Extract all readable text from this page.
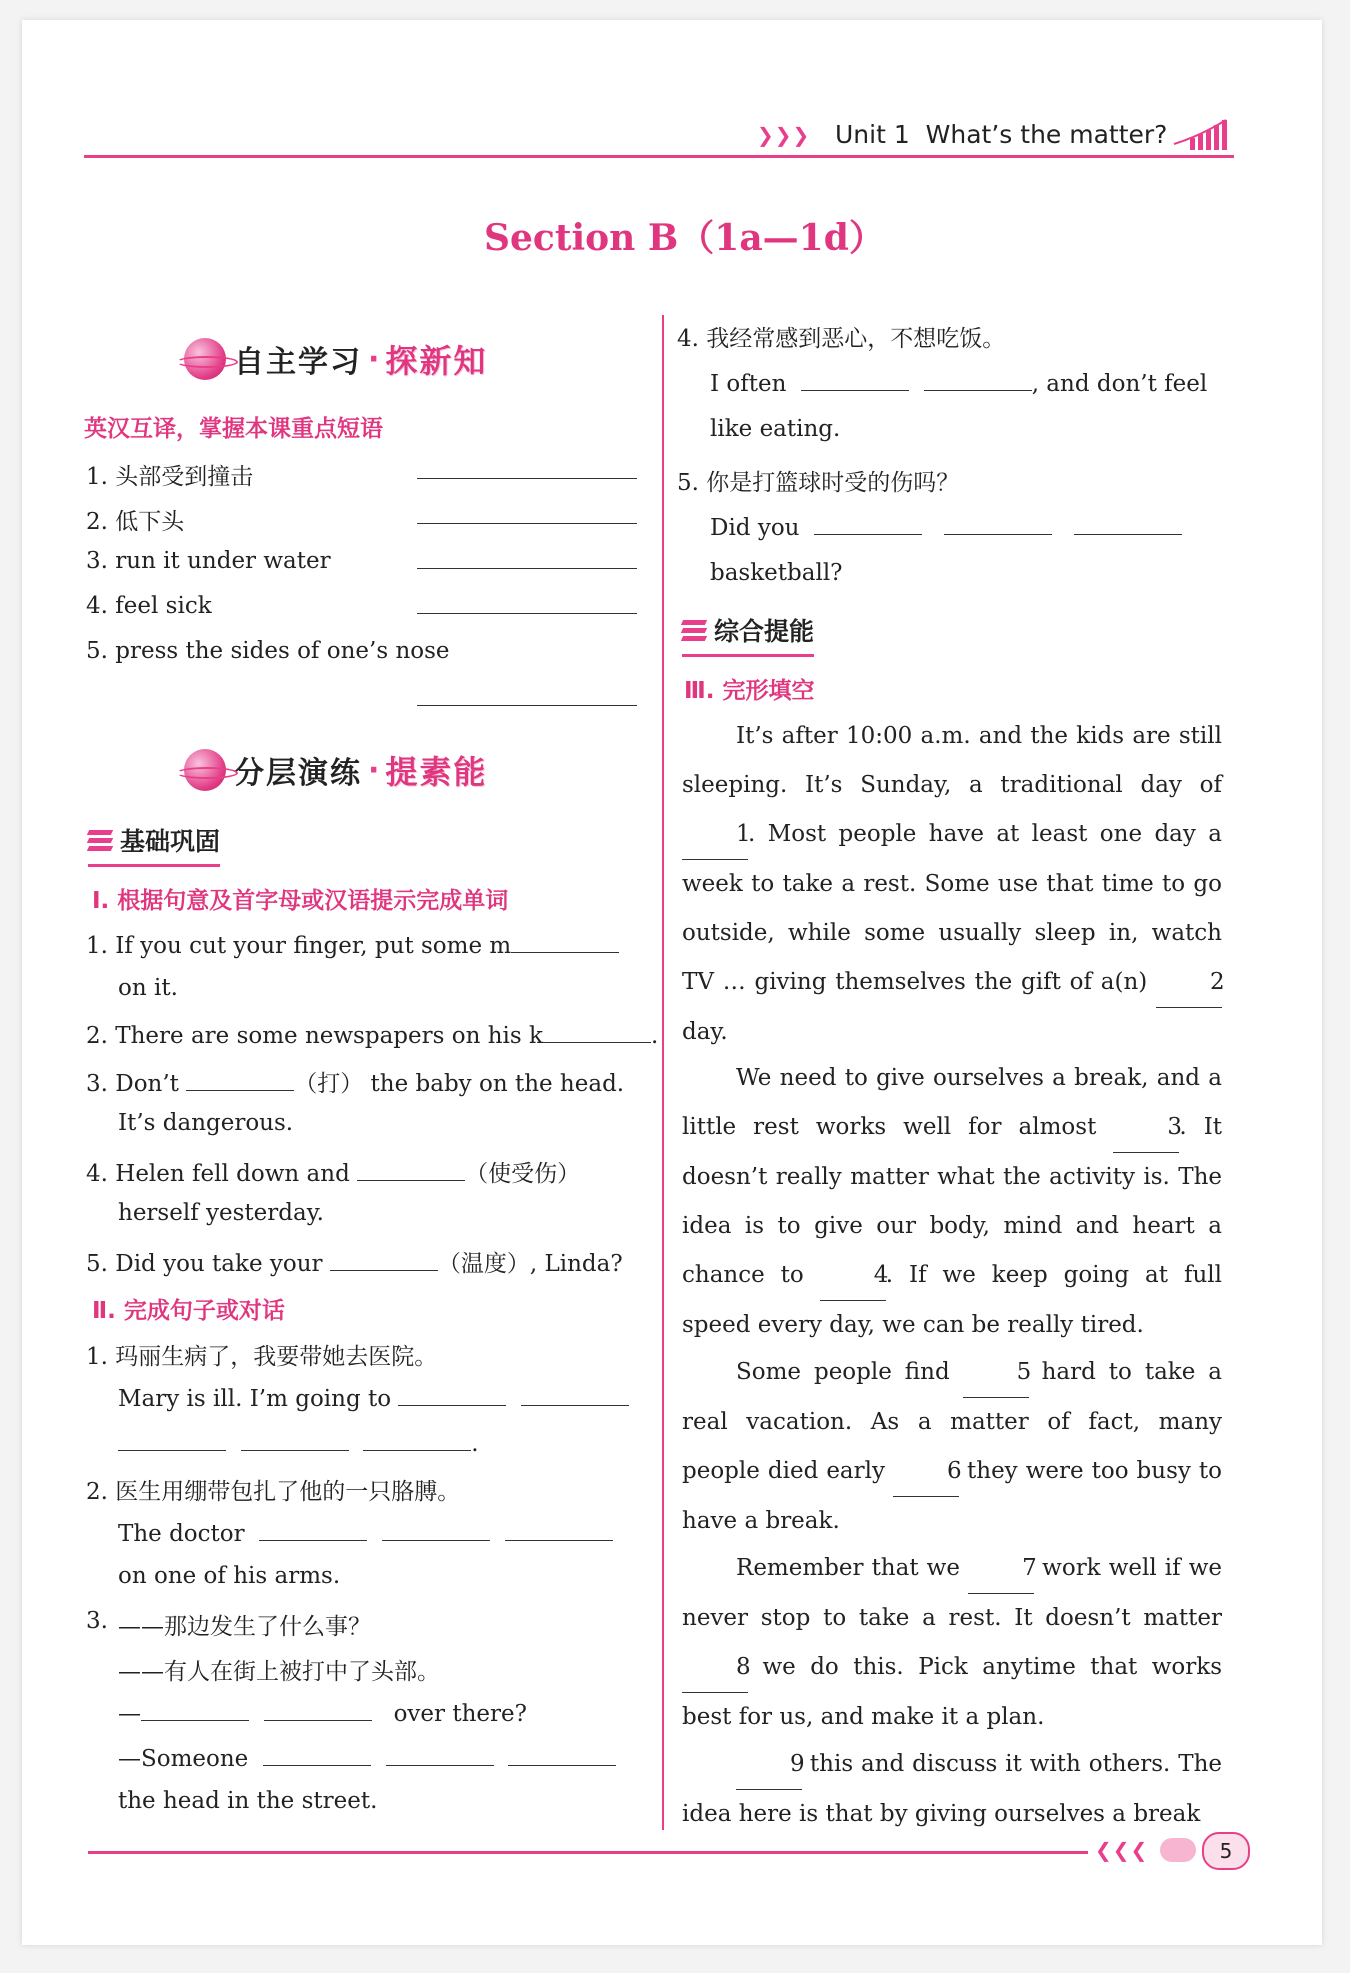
❯❯❯ Unit 1 What’s the matter?
Section B（1a—1d）
自主学习 · 探新知
英汉互译，掌握本课重点短语
1. 头部受到撞击
2. 低下头
3. run it under water
4. feel sick
5. press the sides of one’s nose
分层演练 · 提素能
基础巩固
Ⅰ. 根据句意及首字母或汉语提示完成单词
1. If you cut your finger, put some m
on it.
2. There are some newspapers on his k	.
3. Don’t	（打） the baby on the head.
It’s dangerous.
4. Helen fell down and	（使受伤）
herself yesterday.
5. Did you take your	（温度）, Linda?
Ⅱ. 完成句子或对话
1. 玛丽生病了，我要带她去医院。
Mary is ill. I’m going to
.
2. 医生用绷带包扎了他的一只胳膊。
The doctor
on one of his arms.
3. ——那边发生了什么事？
——有人在街上被打中了头部。
—	over there?
—Someone
the head in the street.
4. 我经常感到恶心，不想吃饭。
I often	, and don’t feel
like eating.
5. 你是打篮球时受的伤吗？
Did you
basketball?
综合提能
Ⅲ. 完形填空
It’s after 10:00 a.m. and the kids are still sleeping. It’s Sunday, a traditional day of 1. Most people have at least one day a week to take a rest. Some use that time to go outside, while some usually sleep in, watch TV … giving themselves the gift of a(n)	2 day.
We need to give ourselves a break, and a little rest works well for almost	3. It doesn’t really matter what the activity is. The idea is to give our body, mind and heart a chance to	4. If we keep going at full speed every day, we can be really tired.
Some people find	5 hard to take a real vacation. As a matter of fact, many people died early	6 they were too busy to have a break.
Remember that we	7 work well if we never stop to take a rest. It doesn’t matter 8 we do this. Pick anytime that works best for us, and make it a plan.
9 this and discuss it with others. The idea here is that by giving ourselves a break
❮❮❮	5
